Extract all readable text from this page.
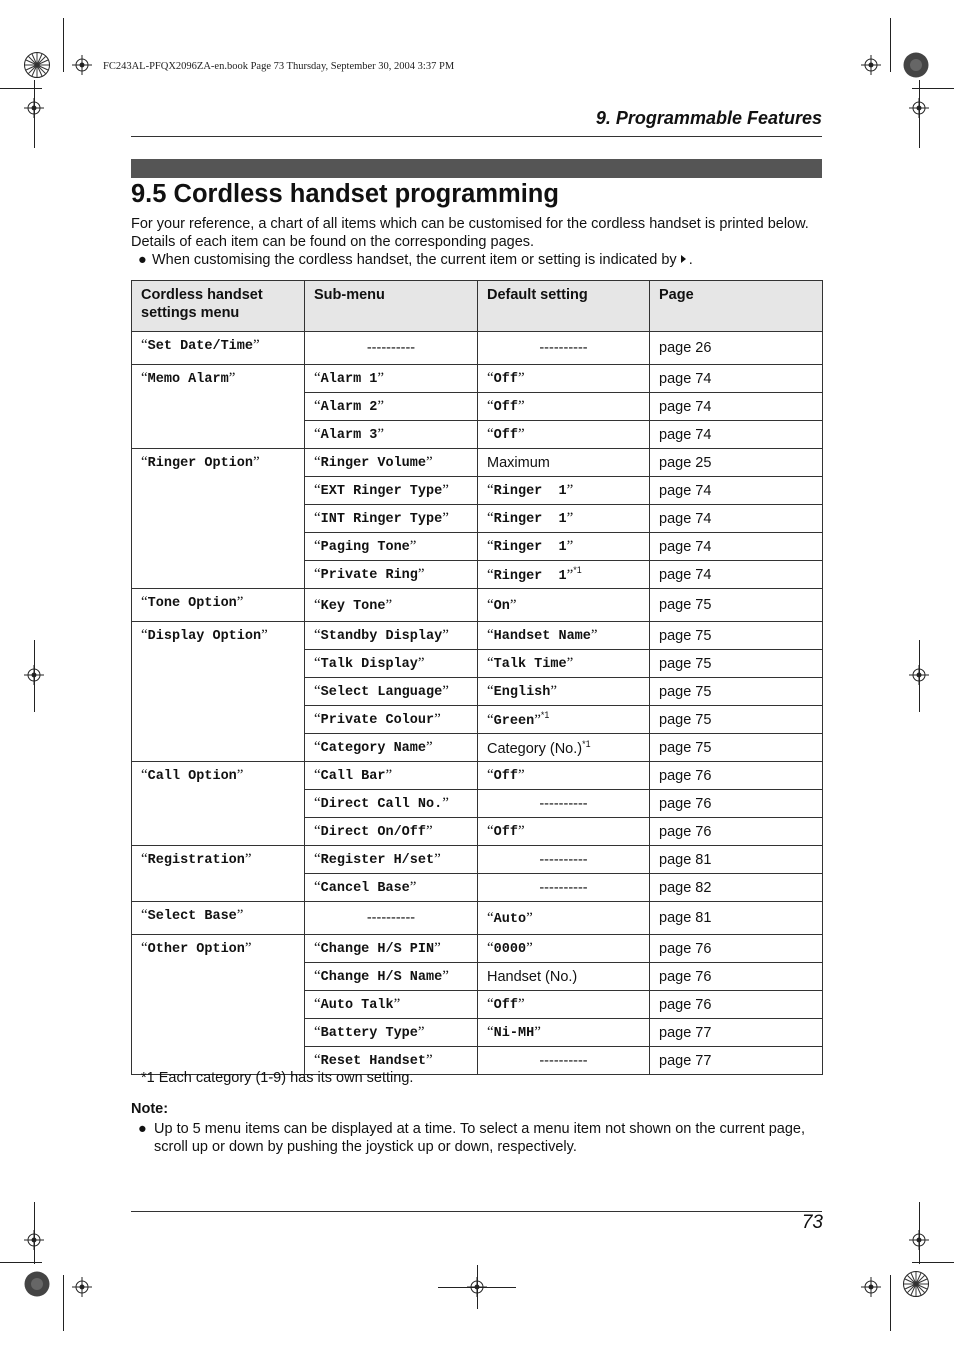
FC243AL-PFQX2096ZA-en.book Page 73 Thursday, September 30, 2004 3:37 PM
9. Programmable Features
9.5 Cordless handset programming

For your reference, a chart of all items which can be customised for the cordless handset is printed below. Details of each item can be found on the corresponding pages.

● When customising the cordless handset, the current item or setting is indicated by .
Cordless handset settings menu	Sub-menu	Default setting	Page
“Set Date/Time”	----------	----------	page 26
“Memo Alarm”	“Alarm 1”	“Off”	page 74
	“Alarm 2”	“Off”	page 74
	“Alarm 3”	“Off”	page 74
“Ringer Option”	“Ringer Volume”	Maximum	page 25
	“EXT Ringer Type”	“Ringer  1”	page 74
	“INT Ringer Type”	“Ringer  1”	page 74
	“Paging Tone”	“Ringer  1”	page 74
	“Private Ring”	“Ringer  1”$^{*1}$	page 74
“Tone Option”	“Key Tone”	“On”	page 75
“Display Option”	“Standby Display”	“Handset Name”	page 75
	“Talk Display”	“Talk Time”	page 75
	“Select Language”	“English”	page 75
	“Private Colour”	“Green”$^{*1}$	page 75
	“Category Name”	Category $(No.)^{*1}$	page 75
“Call Option”	“Call Bar”	“Off”	page 76
	“Direct Call No.”	----------	page 76
	“Direct On/Off”	“Off”	page 76
“Registration”	“Register H/set”	----------	page 81
	“Cancel Base”	----------	page 82
“Select Base”	----------	“Auto”	page 81
“Other Option”	“Change H/S PIN”	“0000”	page 76
	“Change H/S Name”	Handset (No.)	page 76
	“Auto Talk”	“Off”	page 76
	“Battery Type”	“Ni-MH”	page 77
	“Reset Handset”	----------	page 77
*1 Each category (1-9) has its own setting.
Note:
● Up to 5 menu items can be displayed at a time. To select a menu item not shown on the current page, scroll up or down by pushing the joystick up or down, respectively.
73
